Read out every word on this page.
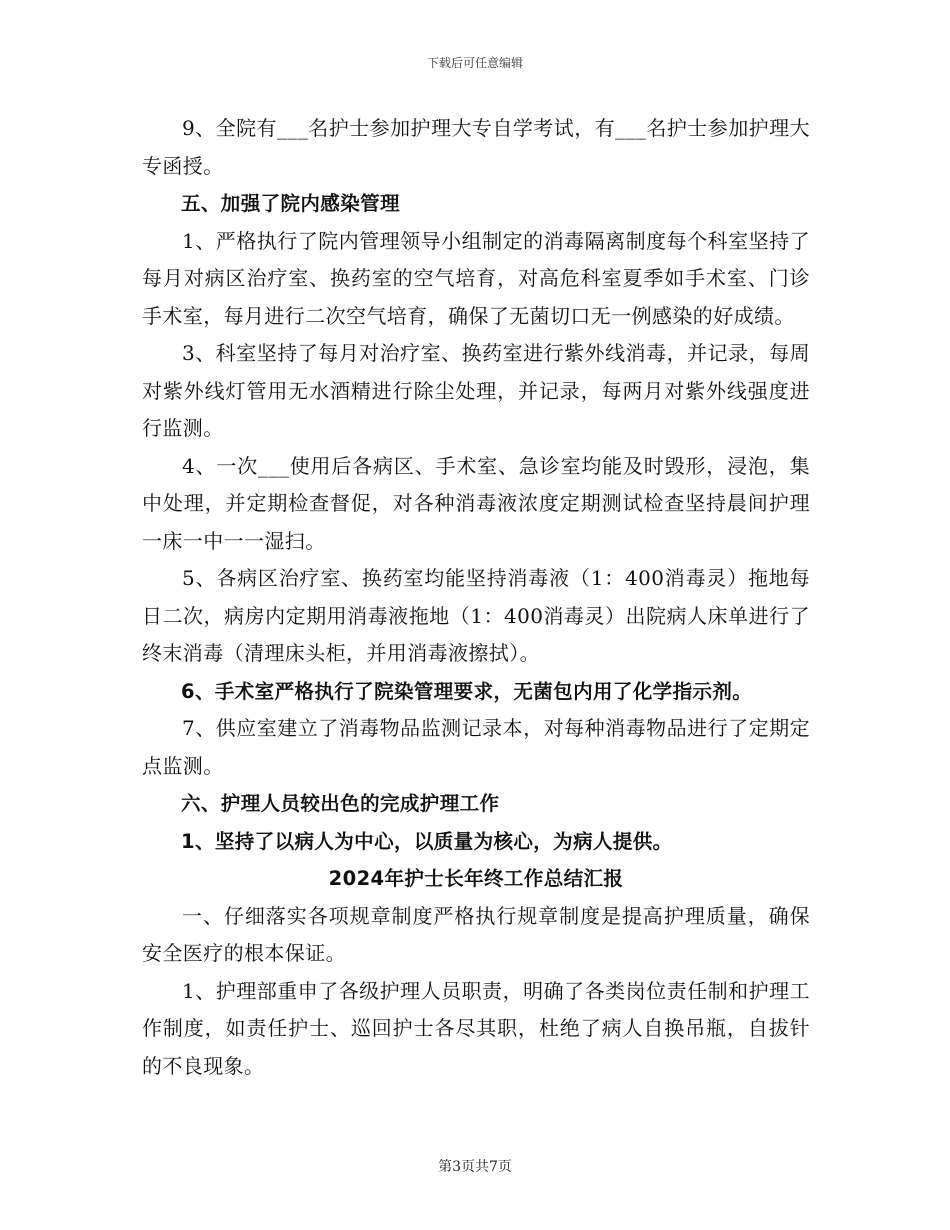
下载后可任意编辑

9、全院有___名护士参加护理大专自学考试，有___名护士参加护理大专函授。

五、加强了院内感染管理

1、严格执行了院内管理领导小组制定的消毒隔离制度每个科室坚持了每月对病区治疗室、换药室的空气培育，对高危科室夏季如手术室、门诊手术室，每月进行二次空气培育，确保了无菌切口无一例感染的好成绩。

3、科室坚持了每月对治疗室、换药室进行紫外线消毒，并记录，每周对紫外线灯管用无水酒精进行除尘处理，并记录，每两月对紫外线强度进行监测。

4、一次___使用后各病区、手术室、急诊室均能及时毁形，浸泡，集中处理，并定期检查督促，对各种消毒液浓度定期测试检查坚持晨间护理一床一中一一湿扫。

5、各病区治疗室、换药室均能坚持消毒液（1：400消毒灵）拖地每日二次，病房内定期用消毒液拖地（1：400消毒灵）出院病人床单进行了终末消毒（清理床头柜，并用消毒液擦拭）。

6、手术室严格执行了院染管理要求，无菌包内用了化学指示剂。

7、供应室建立了消毒物品监测记录本，对每种消毒物品进行了定期定点监测。

六、护理人员较出色的完成护理工作

1、坚持了以病人为中心，以质量为核心，为病人提供。

2024年护士长年终工作总结汇报

一、仔细落实各项规章制度严格执行规章制度是提高护理质量，确保安全医疗的根本保证。

1、护理部重申了各级护理人员职责，明确了各类岗位责任制和护理工作制度，如责任护士、巡回护士各尽其职，杜绝了病人自换吊瓶，自拔针的不良现象。

第3页共7页
